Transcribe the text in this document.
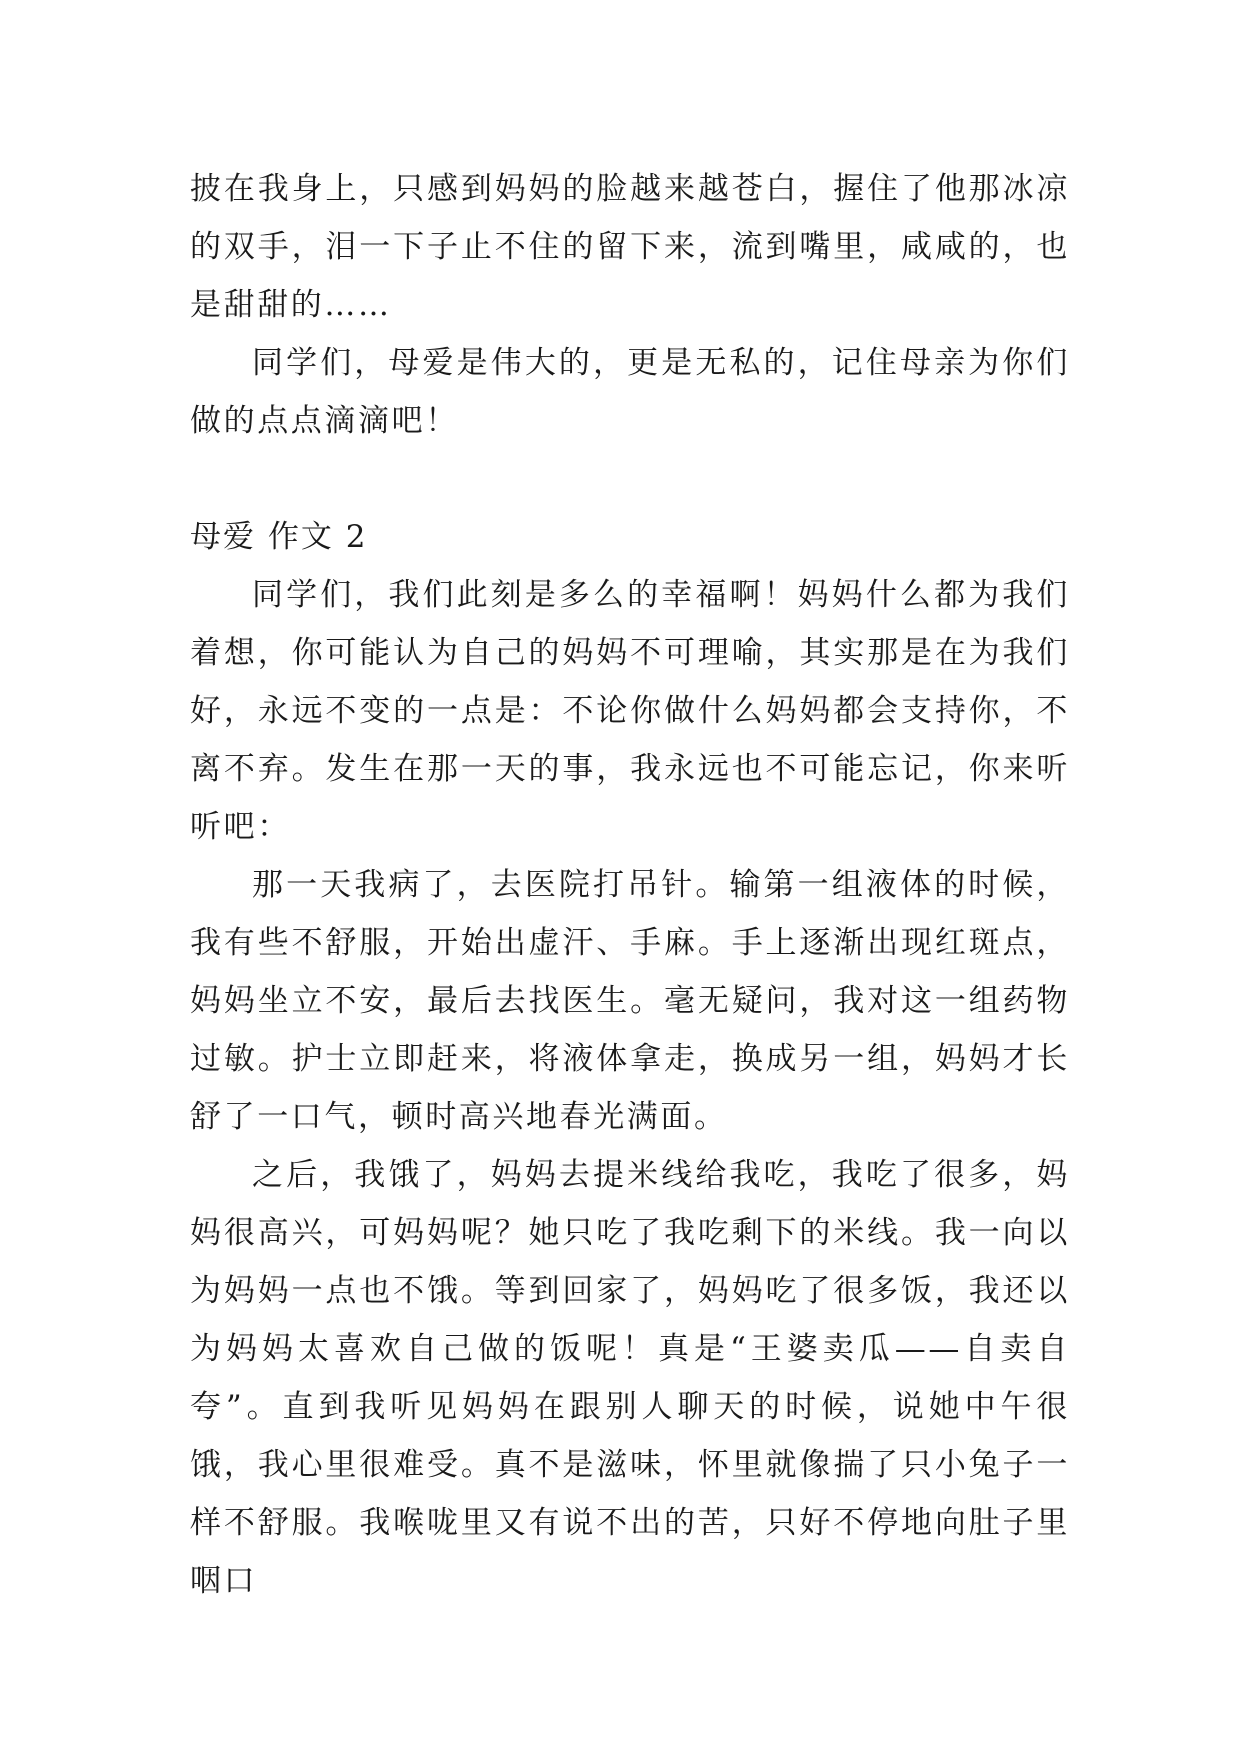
披在我身上，只感到妈妈的脸越来越苍白，握住了他那冰凉的双手，泪一下子止不住的留下来，流到嘴里，咸咸的，也是甜甜的……

同学们，母爱是伟大的，更是无私的，记住母亲为你们做的点点滴滴吧！

母爱 作文 2

同学们，我们此刻是多么的幸福啊！妈妈什么都为我们着想，你可能认为自己的妈妈不可理喻，其实那是在为我们好，永远不变的一点是：不论你做什么妈妈都会支持你，不离不弃。发生在那一天的事，我永远也不可能忘记，你来听听吧：

那一天我病了，去医院打吊针。输第一组液体的时候，我有些不舒服，开始出虚汗、手麻。手上逐渐出现红斑点，妈妈坐立不安，最后去找医生。毫无疑问，我对这一组药物过敏。护士立即赶来，将液体拿走，换成另一组，妈妈才长舒了一口气，顿时高兴地春光满面。

之后，我饿了，妈妈去提米线给我吃，我吃了很多，妈妈很高兴，可妈妈呢？她只吃了我吃剩下的米线。我一向以为妈妈一点也不饿。等到回家了，妈妈吃了很多饭，我还以为妈妈太喜欢自己做的饭呢！真是“王婆卖瓜——自卖自夸”。直到我听见妈妈在跟别人聊天的时候，说她中午很饿，我心里很难受。真不是滋味，怀里就像揣了只小兔子一样不舒服。我喉咙里又有说不出的苦，只好不停地向肚子里咽口
